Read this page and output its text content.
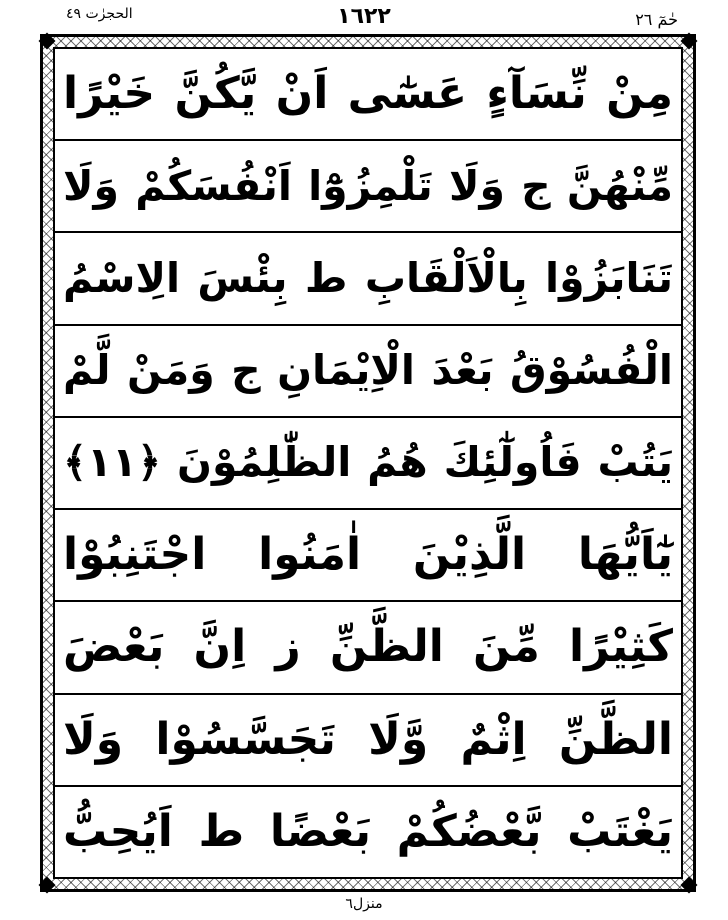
الحجرٰت ٤٩	١٦٢٢	حٰمٓ ٢٦
مِنْ نِّسَآءٍ عَسٰٓى اَنْ يَّكُنَّ خَيْرًا
مِّنْهُنَّ ج وَلَا تَلْمِزُوْٓا اَنْفُسَكُمْ وَلَا
تَنَابَزُوْا بِالْاَلْقَابِ ط بِئْسَ الِاسْمُ
الْفُسُوْقُ بَعْدَ الْاِيْمَانِ ج وَمَنْ لَّمْ
يَتُبْ فَاُولٰٓئِكَ هُمُ الظّٰلِمُوْنَ ﴿١١﴾
يٰٓاَيُّهَا الَّذِيْنَ اٰمَنُوا اجْتَنِبُوْا
كَثِيْرًا مِّنَ الظَّنِّ ز اِنَّ بَعْضَ
الظَّنِّ اِثْمٌ وَّلَا تَجَسَّسُوْا وَلَا
يَغْتَبْ بَّعْضُكُمْ بَعْضًا ط اَيُحِبُّ
منزل٦
